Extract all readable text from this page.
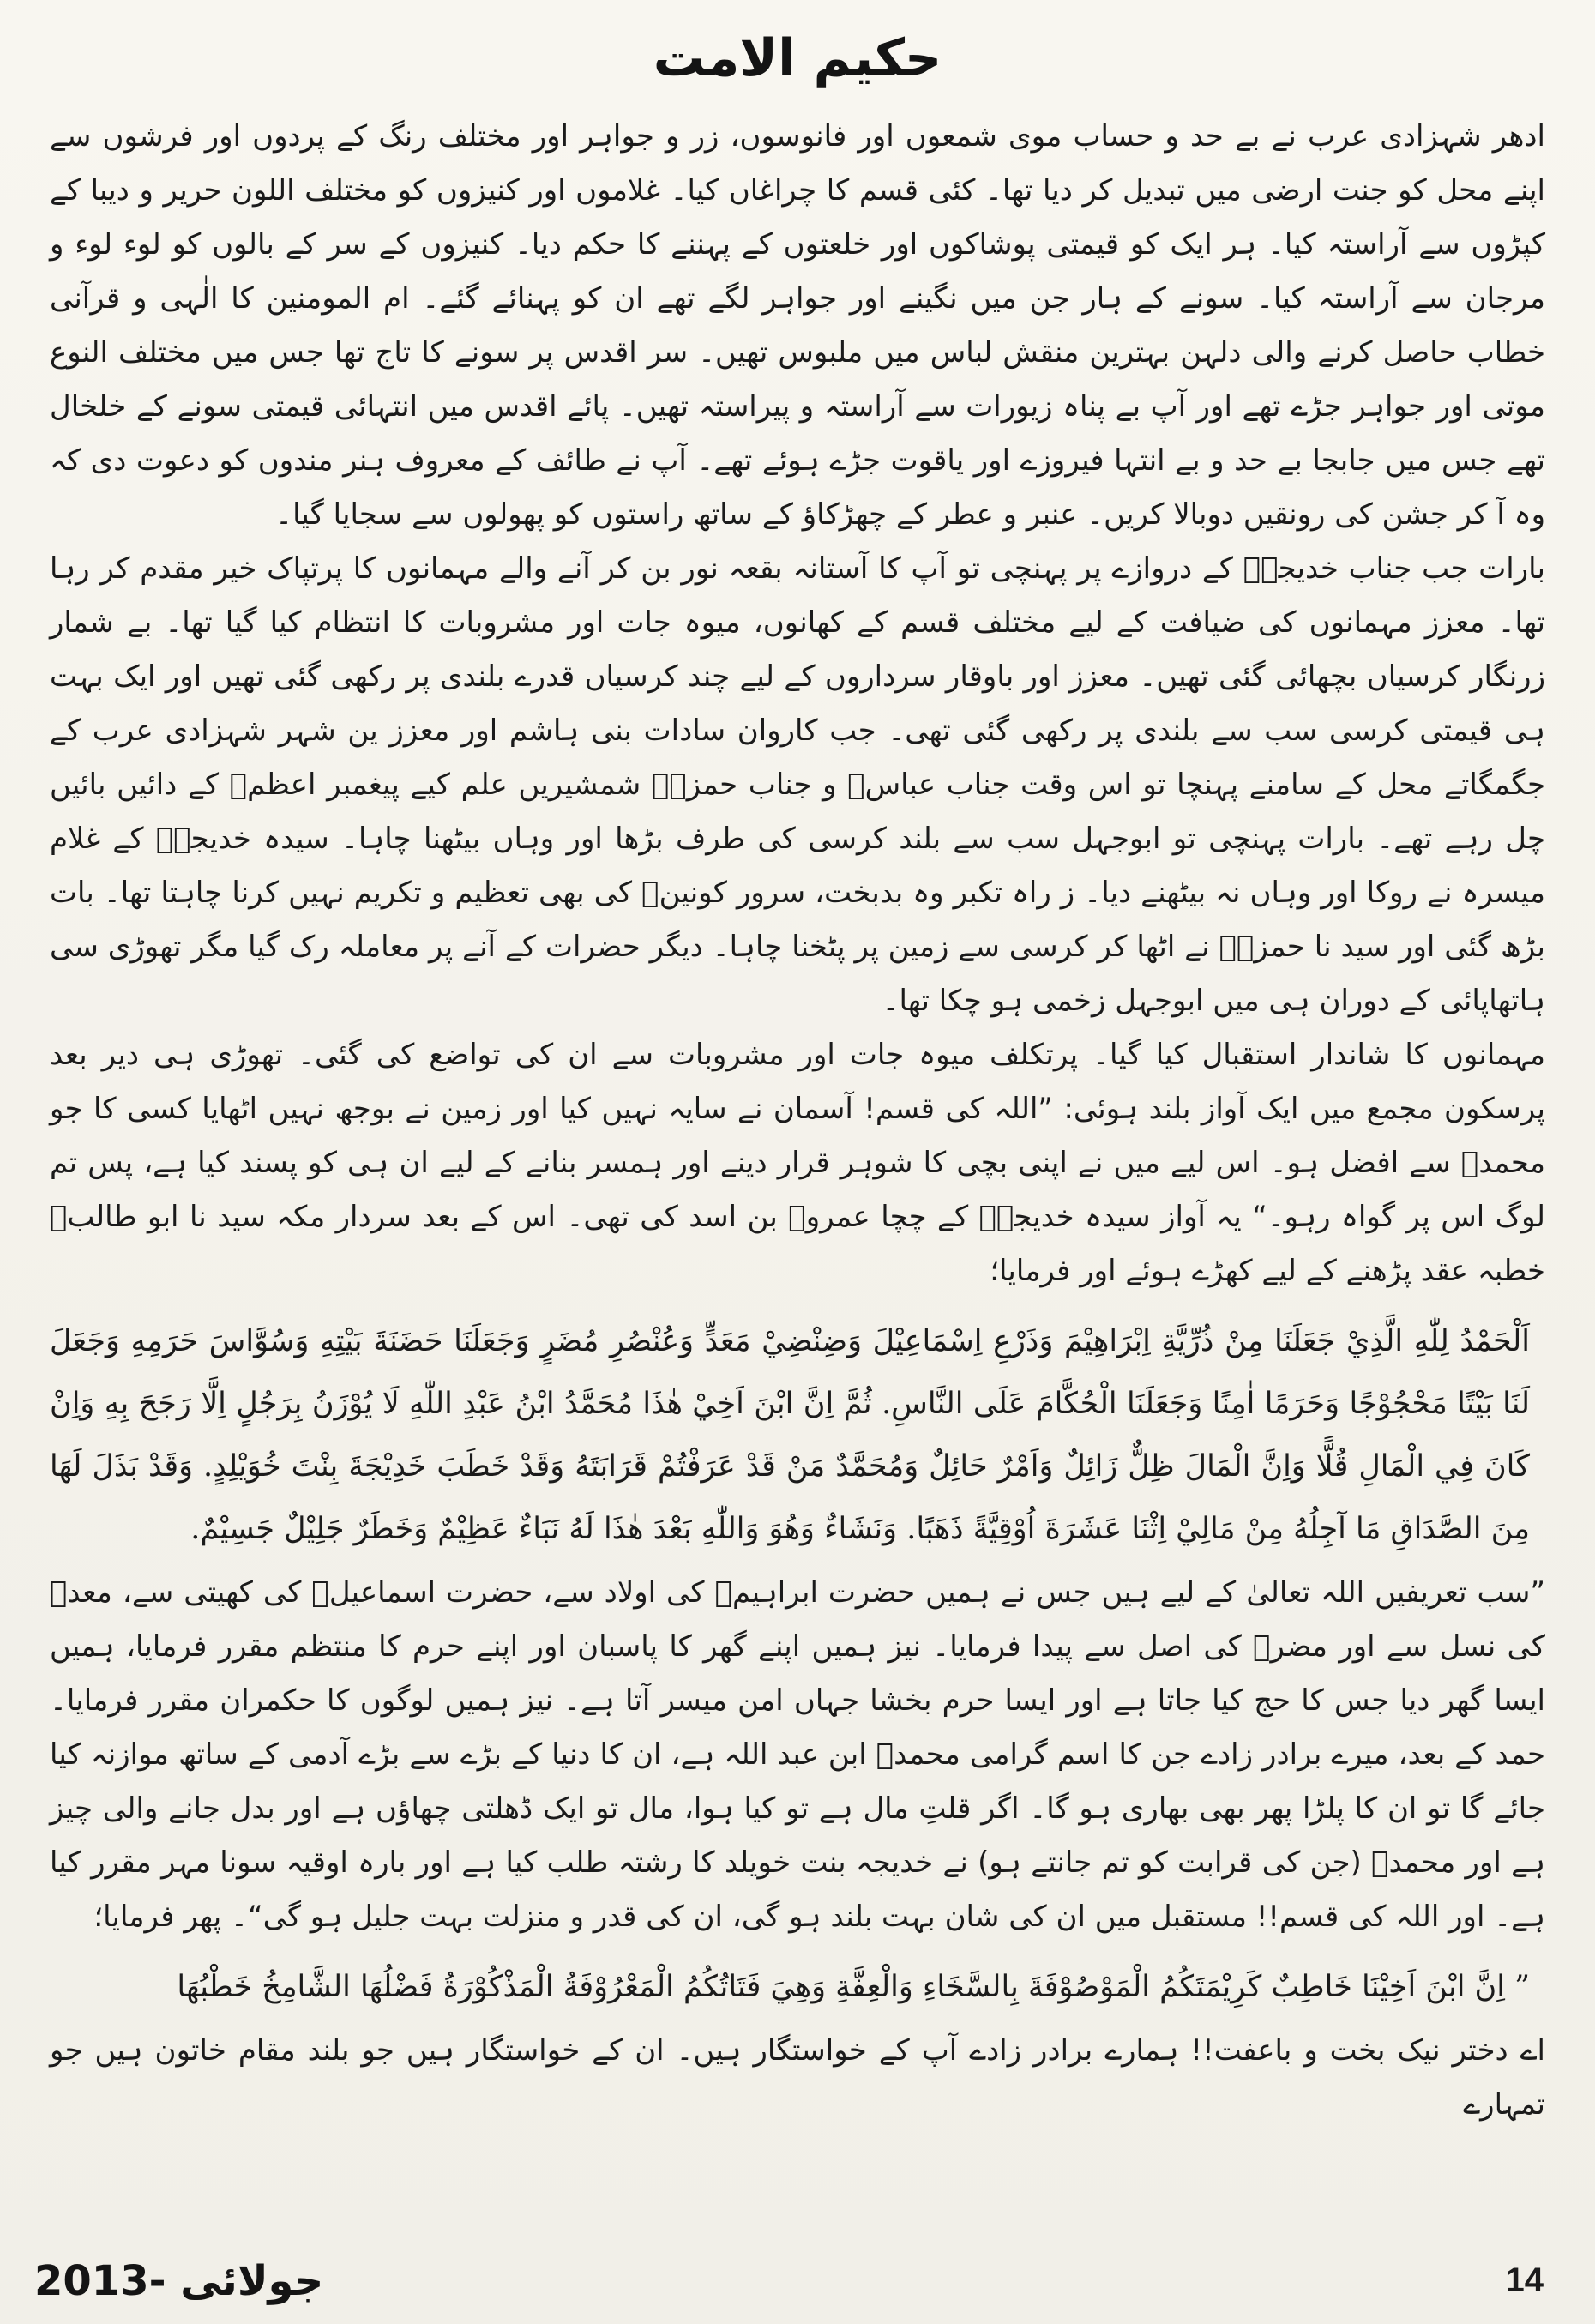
حکیم الامت

ادھر شہزادی عرب نے بے حد و حساب موی شمعوں اور فانوسوں، زر و جواہر اور مختلف رنگ کے پردوں اور فرشوں سے اپنے محل کو جنت ارضی میں تبدیل کر دیا تھا۔ کئی قسم کا چراغاں کیا۔ غلاموں اور کنیزوں کو مختلف اللون حریر و دیبا کے کپڑوں سے آراستہ کیا۔ ہر ایک کو قیمتی پوشاکوں اور خلعتوں کے پہننے کا حکم دیا۔ کنیزوں کے سر کے بالوں کو لوء لوء و مرجان سے آراستہ کیا۔ سونے کے ہار جن میں نگینے اور جواہر لگے تھے ان کو پہنائے گئے۔ ام المومنین کا الٰہی و قرآنی خطاب حاصل کرنے والی دلہن بہترین منقش لباس میں ملبوس تھیں۔ سر اقدس پر سونے کا تاج تھا جس میں مختلف النوع موتی اور جواہر جڑے تھے اور آپ بے پناہ زیورات سے آراستہ و پیراستہ تھیں۔ پائے اقدس میں انتہائی قیمتی سونے کے خلخال تھے جس میں جابجا بے حد و بے انتہا فیروزے اور یاقوت جڑے ہوئے تھے۔ آپ نے طائف کے معروف ہنر مندوں کو دعوت دی کہ وہ آ کر جشن کی رونقیں دوبالا کریں۔ عنبر و عطر کے چھڑکاؤ کے ساتھ راستوں کو پھولوں سے سجایا گیا۔

بارات جب جناب خدیجہؑ کے دروازے پر پہنچی تو آپ کا آستانہ بقعہ نور بن کر آنے والے مہمانوں کا پرتپاک خیر مقدم کر رہا تھا۔ معزز مہمانوں کی ضیافت کے لیے مختلف قسم کے کھانوں، میوہ جات اور مشروبات کا انتظام کیا گیا تھا۔ بے شمار زرنگار کرسیاں بچھائی گئی تھیں۔ معزز اور باوقار سرداروں کے لیے چند کرسیاں قدرے بلندی پر رکھی گئی تھیں اور ایک بہت ہی قیمتی کرسی سب سے بلندی پر رکھی گئی تھی۔ جب کاروان سادات بنی ہاشم اور معزز ین شہر شہزادی عرب کے جگمگاتے محل کے سامنے پہنچا تو اس وقت جناب عباسؓ و جناب حمزہؓ شمشیریں علم کیے پیغمبر اعظمؐ کے دائیں بائیں چل رہے تھے۔ بارات پہنچی تو ابوجہل سب سے بلند کرسی کی طرف بڑھا اور وہاں بیٹھنا چاہا۔ سیدہ خدیجہؑ کے غلام میسرہ نے روکا اور وہاں نہ بیٹھنے دیا۔ ز راہ تکبر وہ بدبخت، سرور کونینؐ کی بھی تعظیم و تکریم نہیں کرنا چاہتا تھا۔ بات بڑھ گئی اور سید نا حمزہؓ نے اٹھا کر کرسی سے زمین پر پٹخنا چاہا۔ دیگر حضرات کے آنے پر معاملہ رک گیا مگر تھوڑی سی ہاتھاپائی کے دوران ہی میں ابوجہل زخمی ہو چکا تھا۔

مہمانوں کا شاندار استقبال کیا گیا۔ پرتکلف میوہ جات اور مشروبات سے ان کی تواضع کی گئی۔ تھوڑی ہی دیر بعد پرسکون مجمع میں ایک آواز بلند ہوئی: ”اللہ کی قسم! آسمان نے سایہ نہیں کیا اور زمین نے بوجھ نہیں اٹھایا کسی کا جو محمدؐ سے افضل ہو۔ اس لیے میں نے اپنی بچی کا شوہر قرار دینے اور ہمسر بنانے کے لیے ان ہی کو پسند کیا ہے، پس تم لوگ اس پر گواہ رہو۔“ یہ آواز سیدہ خدیجہؑ کے چچا عمروؓ بن اسد کی تھی۔ اس کے بعد سردار مکہ سید نا ابو طالبؑ خطبہ عقد پڑھنے کے لیے کھڑے ہوئے اور فرمایا؛

اَلْحَمْدُ لِلّٰهِ الَّذِيْ جَعَلَنَا مِنْ ذُرِّيَّةِ اِبْرَاهِيْمَ وَذَرْعِ اِسْمَاعِيْلَ وَضِنْضِيْ مَعَدٍّ وَعُنْصُرِ مُضَرٍ وَجَعَلَنَا حَضَنَةَ بَيْتِهِ وَسُوَّاسَ حَرَمِهِ وَجَعَلَ لَنَا بَيْتًا مَحْجُوْجًا وَحَرَمًا اٰمِنًا وَجَعَلَنَا الْحُكَّامَ عَلَى النَّاسِ. ثُمَّ اِنَّ ابْنَ اَخِيْ هٰذَا مُحَمَّدُ ابْنُ عَبْدِ اللّٰهِ لَا يُوْزَنُ بِرَجُلٍ اِلَّا رَجَحَ بِهِ وَاِنْ كَانَ فِي الْمَالِ قُلًّا وَاِنَّ الْمَالَ ظِلٌّ زَائِلٌ وَاَمْرٌ حَائِلٌ وَمُحَمَّدٌ مَنْ قَدْ عَرَفْتُمْ قَرَابَتَهُ وَقَدْ خَطَبَ خَدِيْجَةَ بِنْتَ خُوَيْلِدٍ. وَقَدْ بَذَلَ لَهَا مِنَ الصَّدَاقِ مَا آجِلُهُ مِنْ مَالِيْ اِثْنَا عَشَرَةَ اُوْقِيَّةً ذَهَبًا. وَنَشَاءٌ وَهُوَ وَاللّٰهِ بَعْدَ هٰذَا لَهُ نَبَاءٌ عَظِيْمٌ وَخَطَرٌ جَلِيْلٌ جَسِيْمٌ.

”سب تعریفیں اللہ تعالیٰ کے لیے ہیں جس نے ہمیں حضرت ابراہیمؑ کی اولاد سے، حضرت اسماعیلؑ کی کھیتی سے، معدؑ کی نسل سے اور مضرؑ کی اصل سے پیدا فرمایا۔ نیز ہمیں اپنے گھر کا پاسبان اور اپنے حرم کا منتظم مقرر فرمایا، ہمیں ایسا گھر دیا جس کا حج کیا جاتا ہے اور ایسا حرم بخشا جہاں امن میسر آتا ہے۔ نیز ہمیں لوگوں کا حکمران مقرر فرمایا۔ حمد کے بعد، میرے برادر زادے جن کا اسم گرامی محمدؐ ابن عبد اللہ ہے، ان کا دنیا کے بڑے سے بڑے آدمی کے ساتھ موازنہ کیا جائے گا تو ان کا پلڑا پھر بھی بھاری ہو گا۔ اگر قلتِ مال ہے تو کیا ہوا، مال تو ایک ڈھلتی چھاؤں ہے اور بدل جانے والی چیز ہے اور محمدؐ (جن کی قرابت کو تم جانتے ہو) نے خدیجہ بنت خویلد کا رشتہ طلب کیا ہے اور بارہ اوقیہ سونا مہر مقرر کیا ہے۔ اور اللہ کی قسم!! مستقبل میں ان کی شان بہت بلند ہو گی، ان کی قدر و منزلت بہت جلیل ہو گی“۔ پھر فرمایا؛

” اِنَّ ابْنَ اَخِيْنَا خَاطِبٌ كَرِيْمَتَكُمُ الْمَوْصُوْفَةَ بِالسَّخَاءِ وَالْعِفَّةِ وَهِيَ فَتَاتُكُمُ الْمَعْرُوْفَةُ الْمَذْكُوْرَةُ فَضْلُهَا الشَّامِخُ خَطْبُهَا

اے دختر نیک بخت و باعفت!! ہمارے برادر زادے آپ کے خواستگار ہیں۔ ان کے خواستگار ہیں جو بلند مقام خاتون ہیں جو تمہارے

14
جولائی -2013
